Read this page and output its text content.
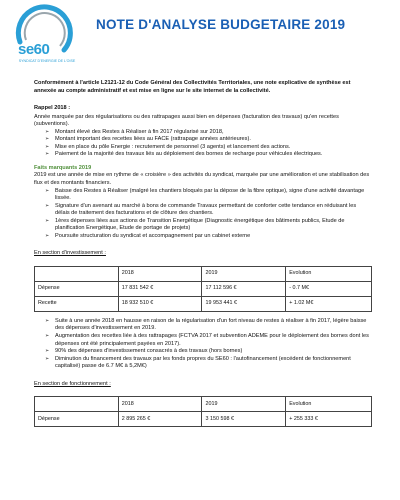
se60
SYNDICAT D'ENERGIE DE L'OISE
NOTE D'ANALYSE BUDGETAIRE 2019

Conformément à l'article L2121-12 du Code Général des Collectivités Territoriales, une note explicative de synthèse est annexée au compte administratif et est mise en ligne sur le site internet de la collectivité.

Rappel 2018 :

Année marquée par des régularisations ou des rattrapages aussi bien en dépenses (facturation des travaux) qu'en recettes (subventions).

➢ Montant élevé des Restes à Réaliser à fin 2017 régularisé sur 2018,
➢ Montant important des recettes liées au FACE (rattrapage années antérieures).
➢ Mise en place du pôle Energie : recrutement de personnel (3 agents) et lancement des actions.
➢ Paiement de la majorité des travaux liés au déploiement des bornes de recharge pour véhicules électriques.
Faits marquants 2019

2019 est une année de mise en rythme de « croisière » des activités du syndicat, marquée par une amélioration et une stabilisation des flux et des montants financiers.

➢ Baisse des Restes à Réaliser (malgré les chantiers bloqués par la dépose de la fibre optique), signe d'une activité davantage lissée.
➢ Signature d'un avenant au marché à bons de commande Travaux permettant de conforter cette tendance en réduisant les délais de traitement des facturations et de clôture des chantiers.
➢ 1ères dépenses liées aux actions de Transition Energétique (Diagnostic énergétique des bâtiments publics, Etude de planification Energétique, Etude de portage de projets)
➢ Poursuite structuration du syndicat et accompagnement par un cabinet externe
En section d'investissement :
	2018	2019	Evolution
Dépense	17 831 542 €	17 112 596 €	- 0.7 M€
Recette	18 932 510 €	19 953 441 €	+ 1.02 M€
➢ Suite à une année 2018 en hausse en raison de la régularisation d'un fort niveau de restes à réaliser à fin 2017, légère baisse des dépenses d'investissement en 2019.
➢ Augmentation des recettes liée à des rattrapages (FCTVA 2017 et subvention ADEME pour le déploiement des bornes dont les dépenses ont été principalement payées en 2017).
➢ 90% des dépenses d'investissement consacrés à des travaux (hors bornes)
➢ Diminution du financement des travaux par les fonds propres du SE60 : l'autofinancement (excédent de fonctionnement capitalisé) passe de 6.7 M€ à 5,2M€)
En section de fonctionnement :
	2018	2019	Evolution
Dépense	2 895 265 €	3 150 598 €	+ 255 333 €
